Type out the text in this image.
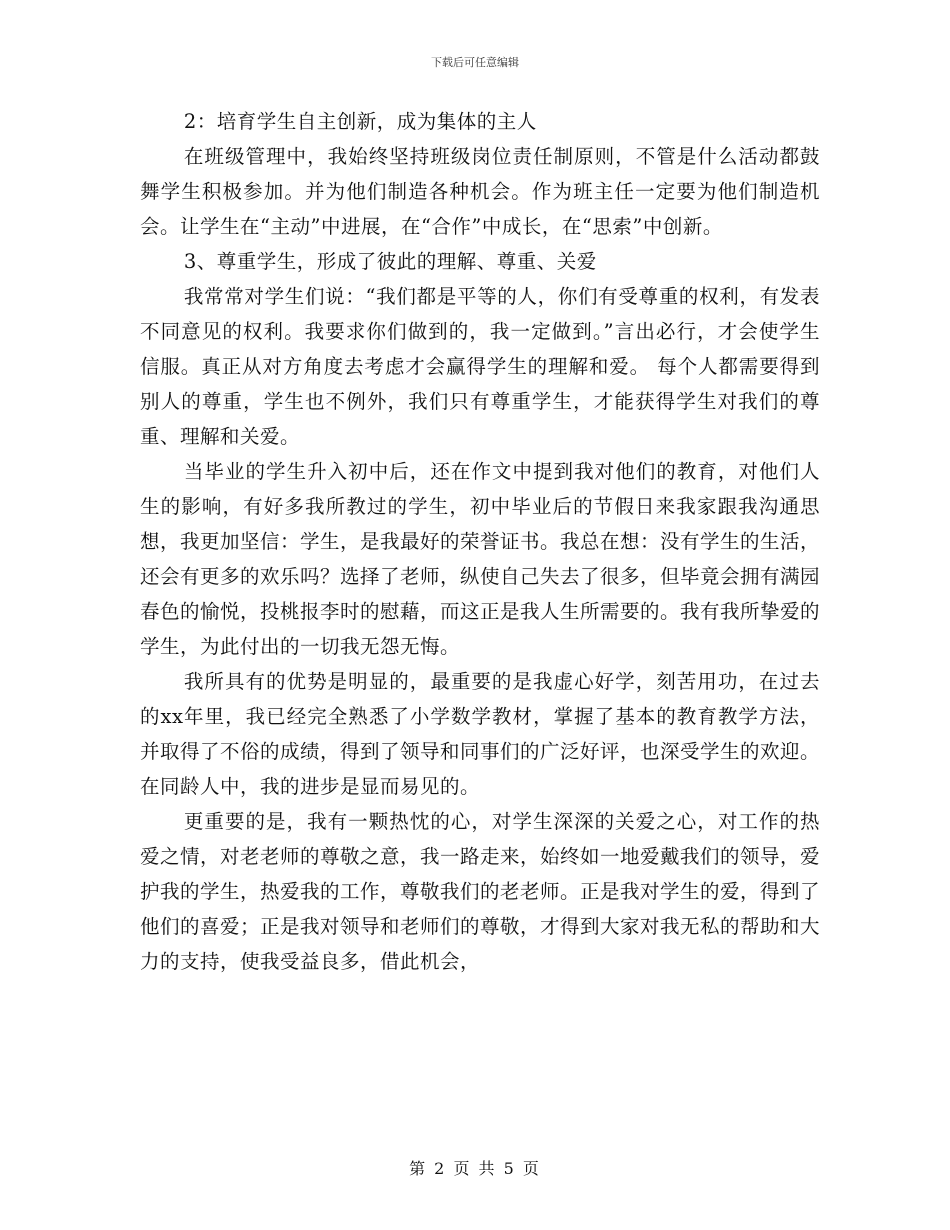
下载后可任意编辑

2：培育学生自主创新，成为集体的主人

在班级管理中，我始终坚持班级岗位责任制原则，不管是什么活动都鼓舞学生积极参加。并为他们制造各种机会。作为班主任一定要为他们制造机会。让学生在“主动”中进展，在“合作”中成长，在“思索”中创新。

3、尊重学生，形成了彼此的理解、尊重、关爱

我常常对学生们说：“我们都是平等的人，你们有受尊重的权利，有发表不同意见的权利。我要求你们做到的，我一定做到。”言出必行，才会使学生信服。真正从对方角度去考虑才会赢得学生的理解和爱。 每个人都需要得到别人的尊重，学生也不例外，我们只有尊重学生，才能获得学生对我们的尊重、理解和关爱。

当毕业的学生升入初中后，还在作文中提到我对他们的教育，对他们人生的影响，有好多我所教过的学生，初中毕业后的节假日来我家跟我沟通思想，我更加坚信：学生，是我最好的荣誉证书。我总在想：没有学生的生活，还会有更多的欢乐吗？选择了老师，纵使自己失去了很多，但毕竟会拥有满园春色的愉悦，投桃报李时的慰藉，而这正是我人生所需要的。我有我所挚爱的学生，为此付出的一切我无怨无悔。

我所具有的优势是明显的，最重要的是我虚心好学，刻苦用功，在过去的xx年里，我已经完全熟悉了小学数学教材，掌握了基本的教育教学方法，并取得了不俗的成绩，得到了领导和同事们的广泛好评，也深受学生的欢迎。在同龄人中，我的进步是显而易见的。

更重要的是，我有一颗热忱的心，对学生深深的关爱之心，对工作的热爱之情，对老老师的尊敬之意，我一路走来，始终如一地爱戴我们的领导，爱护我的学生，热爱我的工作，尊敬我们的老老师。正是我对学生的爱，得到了他们的喜爱；正是我对领导和老师们的尊敬，才得到大家对我无私的帮助和大力的支持，使我受益良多，借此机会，

第 2 页 共 5 页
